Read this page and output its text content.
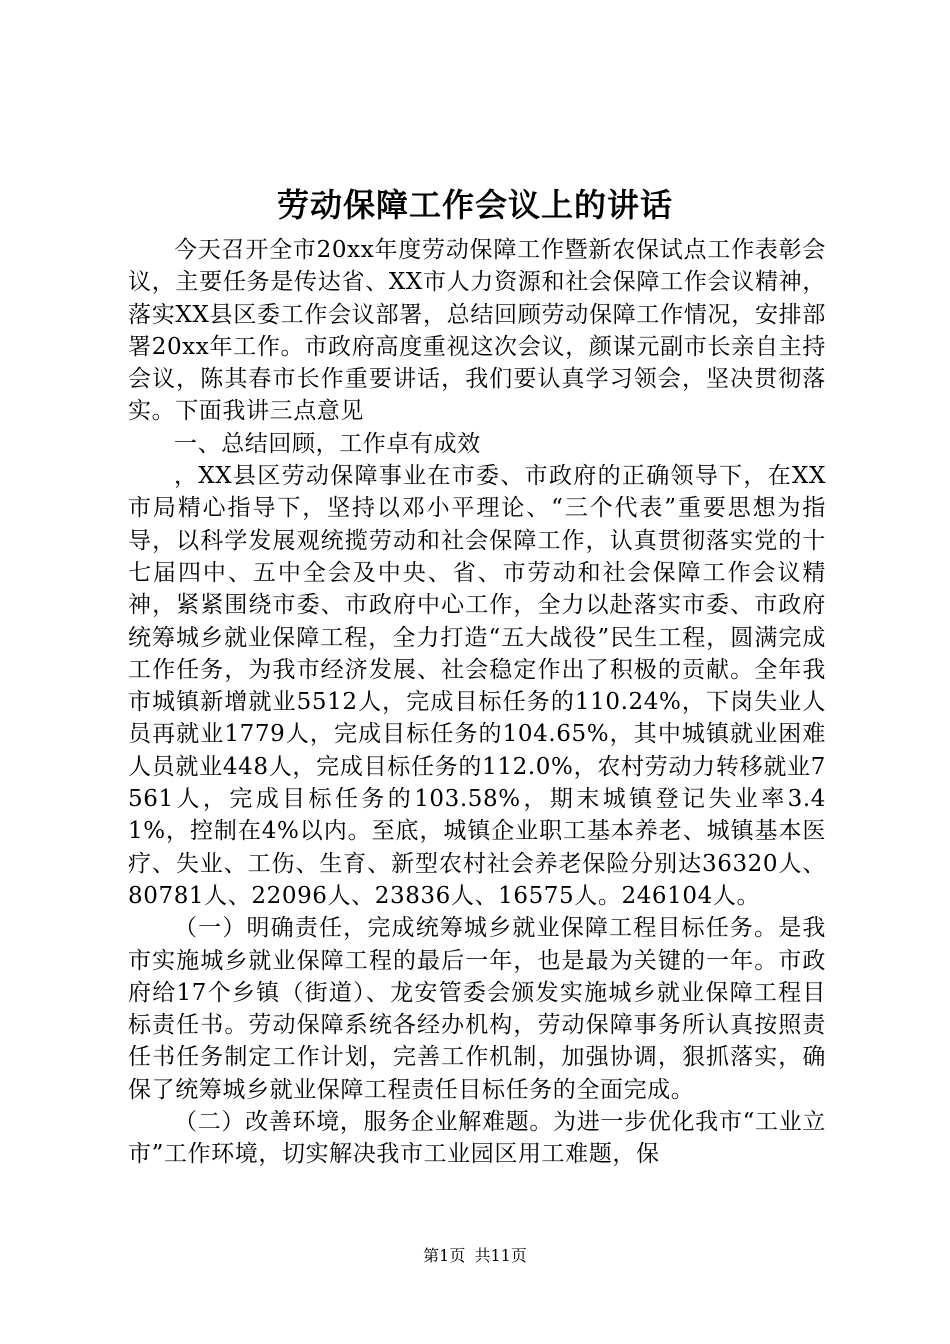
劳动保障工作会议上的讲话

今天召开全市20xx年度劳动保障工作暨新农保试点工作表彰会议，主要任务是传达省、XX市人力资源和社会保障工作会议精神，落实XX县区委工作会议部署，总结回顾劳动保障工作情况，安排部署20xx年工作。市政府高度重视这次会议，颜谋元副市长亲自主持会议，陈其春市长作重要讲话，我们要认真学习领会，坚决贯彻落实。下面我讲三点意见

一、总结回顾，工作卓有成效

，XX县区劳动保障事业在市委、市政府的正确领导下，在XX市局精心指导下，坚持以邓小平理论、“三个代表”重要思想为指导，以科学发展观统揽劳动和社会保障工作，认真贯彻落实党的十七届四中、五中全会及中央、省、市劳动和社会保障工作会议精神，紧紧围绕市委、市政府中心工作，全力以赴落实市委、市政府统筹城乡就业保障工程，全力打造“五大战役”民生工程，圆满完成工作任务，为我市经济发展、社会稳定作出了积极的贡献。全年我市城镇新增就业5512人，完成目标任务的110.24%，下岗失业人员再就业1779人，完成目标任务的104.65%，其中城镇就业困难人员就业448人，完成目标任务的112.0%，农村劳动力转移就业7561人，完成目标任务的103.58%，期末城镇登记失业率3.41%，控制在4%以内。至底，城镇企业职工基本养老、城镇基本医疗、失业、工伤、生育、新型农村社会养老保险分别达36320人、80781人、22096人、23836人、16575人。246104人。

（一）明确责任，完成统筹城乡就业保障工程目标任务。是我市实施城乡就业保障工程的最后一年，也是最为关键的一年。市政府给17个乡镇（街道）、龙安管委会颁发实施城乡就业保障工程目标责任书。劳动保障系统各经办机构，劳动保障事务所认真按照责任书任务制定工作计划，完善工作机制，加强协调，狠抓落实，确保了统筹城乡就业保障工程责任目标任务的全面完成。

（二）改善环境，服务企业解难题。为进一步优化我市“工业立市”工作环境，切实解决我市工业园区用工难题，保

第1页 共11页
